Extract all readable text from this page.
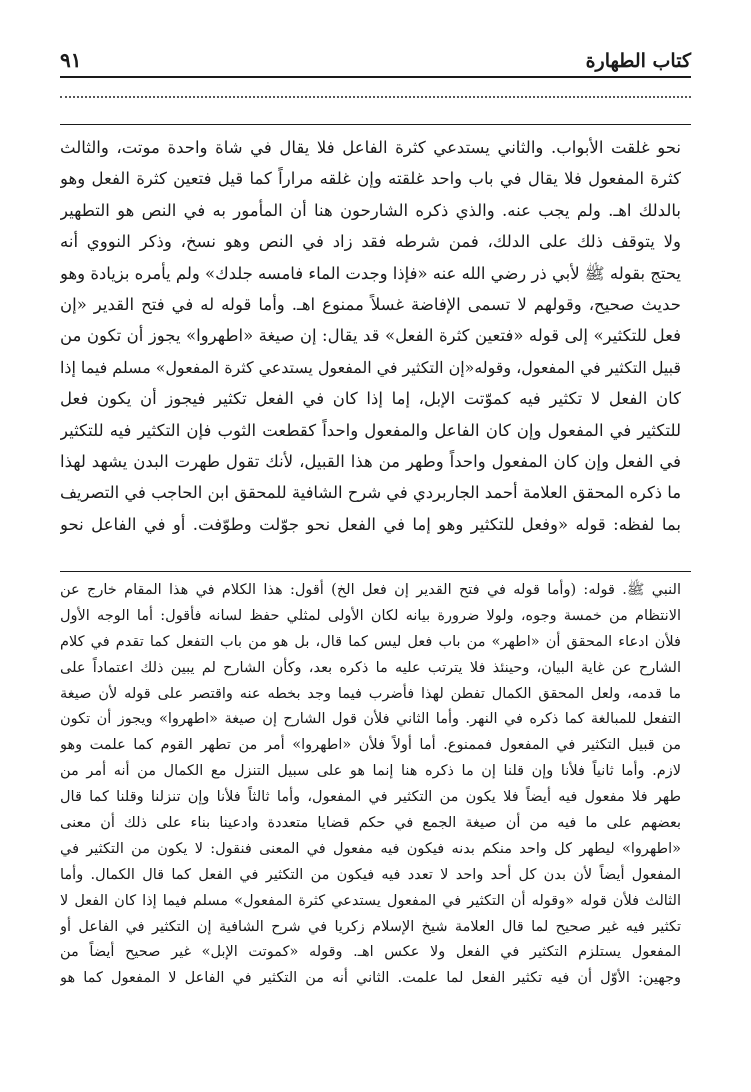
كتاب الطهارة
٩١
نحو غلقت الأبواب. والثاني يستدعي كثرة الفاعل فلا يقال في شاة واحدة موتت، والثالث
كثرة المفعول فلا يقال في باب واحد غلقته وإن غلقه مراراً كما قيل فتعين كثرة الفعل وهو
بالدلك اهـ. ولم يجب عنه. والذي ذكره الشارحون هنا أن المأمور به في النص هو التطهير
ولا يتوقف ذلك على الدلك، فمن شرطه فقد زاد في النص وهو نسخ، وذكر النووي أنه
يحتج بقوله ﷺ لأبي ذر رضي الله عنه «فإذا وجدت الماء فامسه جلدك» ولم يأمره بزيادة وهو
حديث صحيح، وقولهم لا تسمى الإفاضة غسلاً ممنوع اهـ. وأما قوله له في فتح القدير «إن
فعل للتكثير» إلى قوله «فتعين كثرة الفعل» قد يقال: إن صيغة «اطهروا» يجوز أن تكون من
قبيل التكثير في المفعول، وقوله«إن التكثير في المفعول يستدعي كثرة المفعول» مسلم فيما إذا
كان الفعل لا تكثير فيه كموّتت الإبل، إما إذا كان في الفعل تكثير فيجوز أن يكون فعل
للتكثير في المفعول وإن كان الفاعل والمفعول واحداً كقطعت الثوب فإن التكثير فيه للتكثير
في الفعل وإن كان المفعول واحداً وطهر من هذا القبيل، لأنك تقول طهرت البدن يشهد لهذا
ما ذكره المحقق العلامة أحمد الجاربردي في شرح الشافية للمحقق ابن الحاجب في التصريف
بما لفظه: قوله «وفعل للتكثير وهو إما في الفعل نحو جوّلت وطوّفت. أو في الفاعل نحو
النبي ﷺ. قوله: (وأما قوله في فتح القدير إن فعل الخ) أقول: هذا الكلام في هذا المقام خارج عن
الانتظام من خمسة وجوه، ولولا ضرورة بيانه لكان الأولى لمثلي حفظ لسانه فأقول: أما الوجه الأول
فلأن ادعاء المحقق أن «اطهر» من باب فعل ليس كما قال، بل هو من باب التفعل كما تقدم في كلام
الشارح عن غاية البيان، وحينئذ فلا يترتب عليه ما ذكره بعد، وكأن الشارح لم يبين ذلك اعتماداً على
ما قدمه، ولعل المحقق الكمال تفطن لهذا فأضرب فيما وجد بخطه عنه واقتصر على قوله لأن صيغة
التفعل للمبالغة كما ذكره في النهر. وأما الثاني فلأن قول الشارح إن صيغة «اطهروا» ويجوز أن تكون
من قبيل التكثير في المفعول فممنوع. أما أولاً فلأن «اطهروا» أمر من تطهر القوم كما علمت وهو
لازم. وأما ثانياً فلأنا وإن قلنا إن ما ذكره هنا إنما هو على سبيل التنزل مع الكمال من أنه أمر من
طهر فلا مفعول فيه أيضاً فلا يكون من التكثير في المفعول، وأما ثالثاً فلأنا وإن تنزلنا وقلنا كما قال
بعضهم على ما فيه من أن صيغة الجمع في حكم قضايا متعددة وادعينا بناء على ذلك أن معنى
«اطهروا» ليطهر كل واحد منكم بدنه فيكون فيه مفعول في المعنى فنقول: لا يكون من التكثير في
المفعول أيضاً لأن بدن كل أحد واحد لا تعدد فيه فيكون من التكثير في الفعل كما قال الكمال. وأما
الثالث فلأن قوله «وقوله أن التكثير في المفعول يستدعي كثرة المفعول» مسلم فيما إذا كان الفعل لا
تكثير فيه غير صحيح لما قال العلامة شيخ الإسلام زكريا في شرح الشافية إن التكثير في الفاعل أو
المفعول يستلزم التكثير في الفعل ولا عكس اهـ. وقوله «كموتت الإبل» غير صحيح أيضاً من
وجهين: الأوّل أن فيه تكثير الفعل لما علمت. الثاني أنه من التكثير في الفاعل لا المفعول كما هو
